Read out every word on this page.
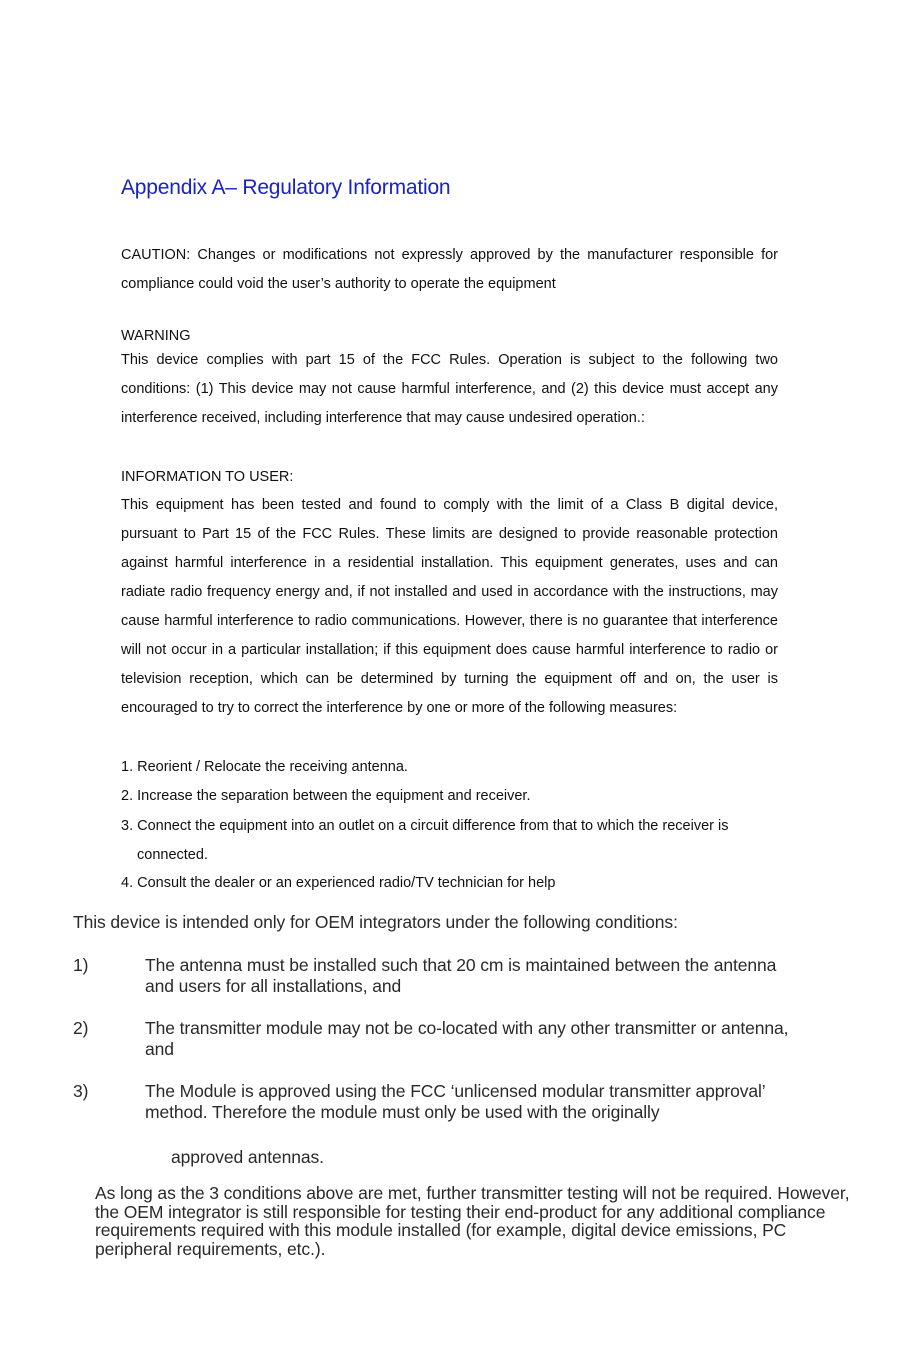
Appendix A– Regulatory Information
CAUTION: Changes or modifications not expressly approved by the manufacturer responsible for compliance could void the user’s authority to operate the equipment
WARNING
This device complies with part 15 of the FCC Rules. Operation is subject to the following two conditions: (1) This device may not cause harmful interference, and (2) this device must accept any interference received, including interference that may cause undesired operation.:
INFORMATION TO USER:
This equipment has been tested and found to comply with the limit of a Class B digital device, pursuant to Part 15 of the FCC Rules. These limits are designed to provide reasonable protection against harmful interference in a residential installation. This equipment generates, uses and can radiate radio frequency energy and, if not installed and used in accordance with the instructions, may cause harmful interference to radio communications. However, there is no guarantee that interference will not occur in a particular installation; if this equipment does cause harmful interference to radio or television reception, which can be determined by turning the equipment off and on, the user is encouraged to try to correct the interference by one or more of the following measures:
1. Reorient / Relocate the receiving antenna.
2. Increase the separation between the equipment and receiver.
3. Connect the equipment into an outlet on a circuit difference from that to which the receiver is
connected.
4. Consult the dealer or an experienced radio/TV technician for help
This device is intended only for OEM integrators under the following conditions:
1)	The antenna must be installed such that 20 cm is maintained between the antenna and users for all installations, and
2)	The transmitter module may not be co-located with any other transmitter or antenna, and
3)	The Module is approved using the FCC ‘unlicensed modular transmitter approval’ method. Therefore the module must only be used with the originally
approved antennas.
As long as the 3 conditions above are met, further transmitter testing will not be required. However, the OEM integrator is still responsible for testing their end-product for any additional compliance requirements required with this module installed (for example, digital device emissions, PC peripheral requirements, etc.).
